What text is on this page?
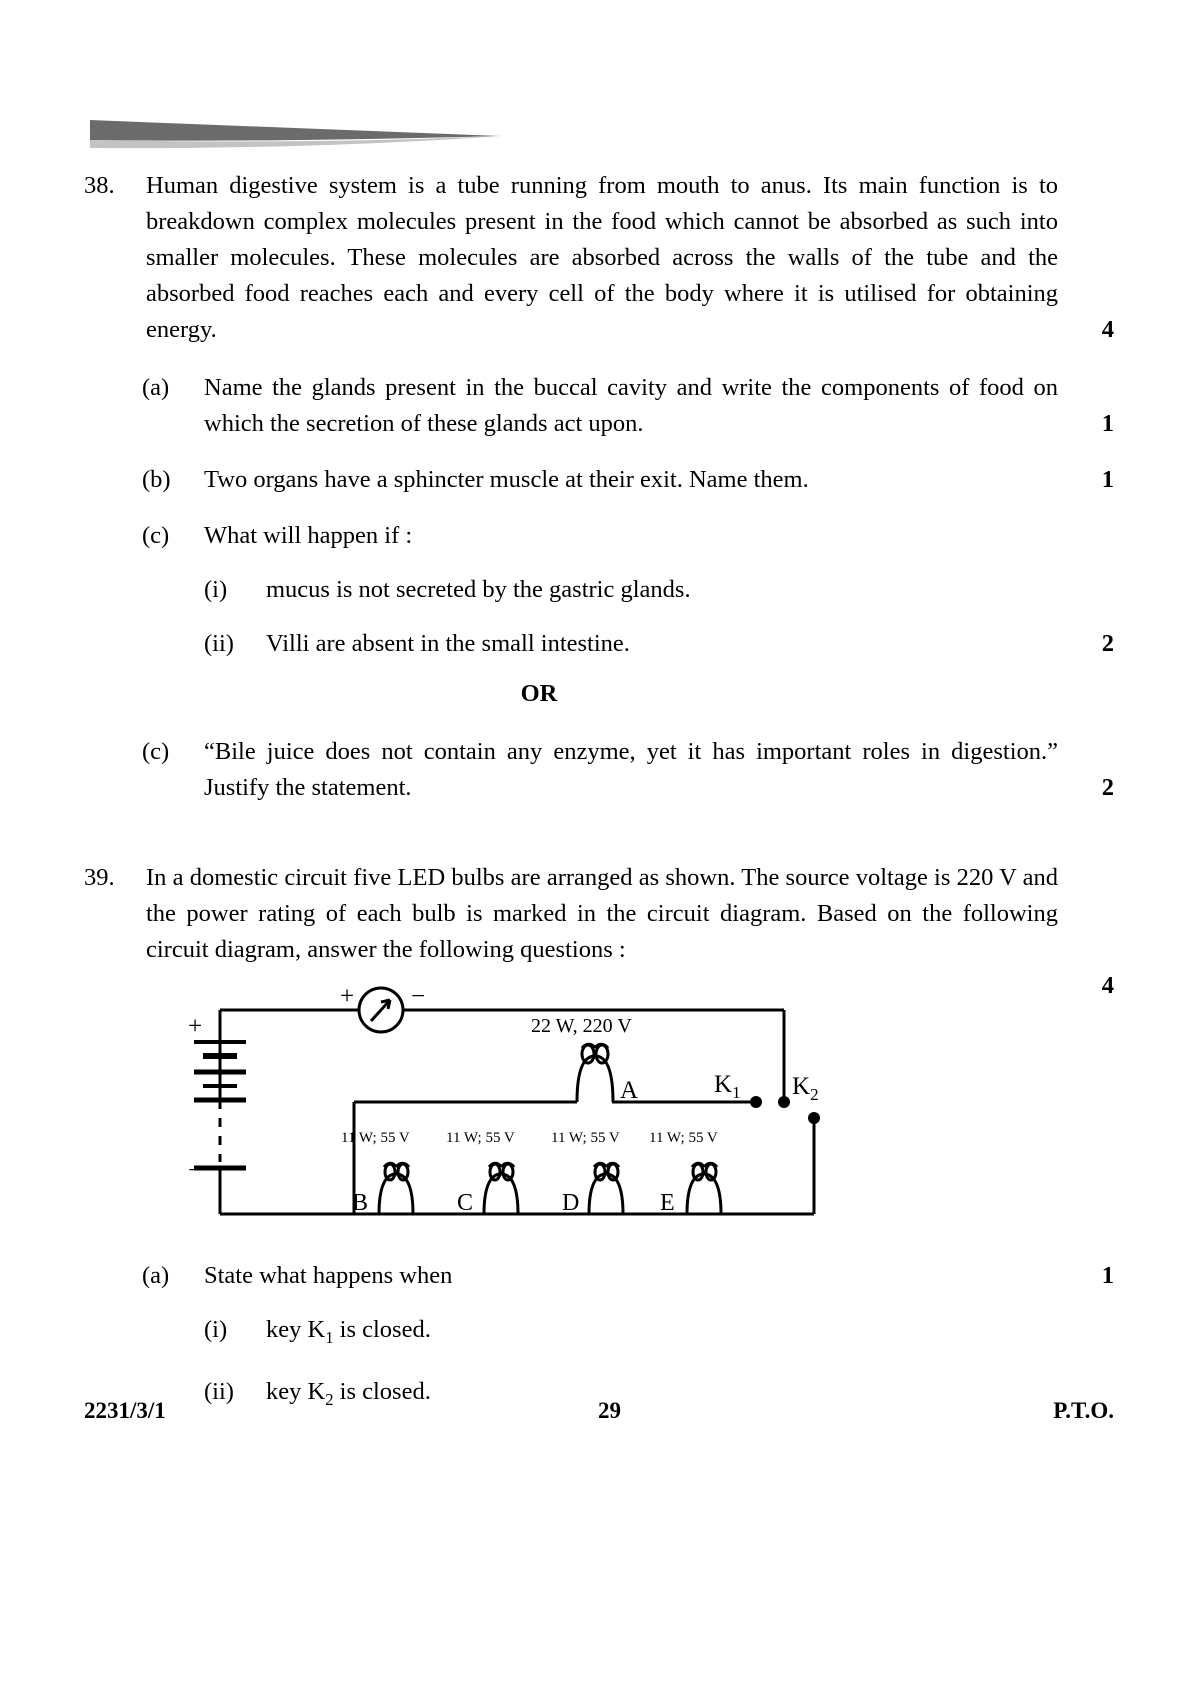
38.	Human digestive system is a tube running from mouth to anus. Its main function is to breakdown complex molecules present in the food which cannot be absorbed as such into smaller molecules. These molecules are absorbed across the walls of the tube and the absorbed food reaches each and every cell of the body where it is utilised for obtaining energy.	4
(a)	Name the glands present in the buccal cavity and write the components of food on which the secretion of these glands act upon.	1
(b)	Two organs have a sphincter muscle at their exit. Name them.	1
(c)	What will happen if :
(i)	mucus is not secreted by the gastric glands.
(ii)	Villi are absent in the small intestine.	2
OR
(c)	“Bile juice does not contain any enzyme, yet it has important roles in digestion.” Justify the statement.	2
39.	In a domestic circuit five LED bulbs are arranged as shown. The source voltage is 220 V and the power rating of each bulb is marked in the circuit diagram. Based on the following circuit diagram, answer the following questions :
4
+
−
+ −
A
22 W, 220 V
$K_1$ $K_2$
B
11 W; 55 V
C
11 W; 55 V
D
11 W; 55 V
E
11 W; 55 V
(a)	State what happens when	1
(i)	key $K_1$ is closed.
(ii)	key $K_2$ is closed.
2231/3/1	29	P.T.O.
